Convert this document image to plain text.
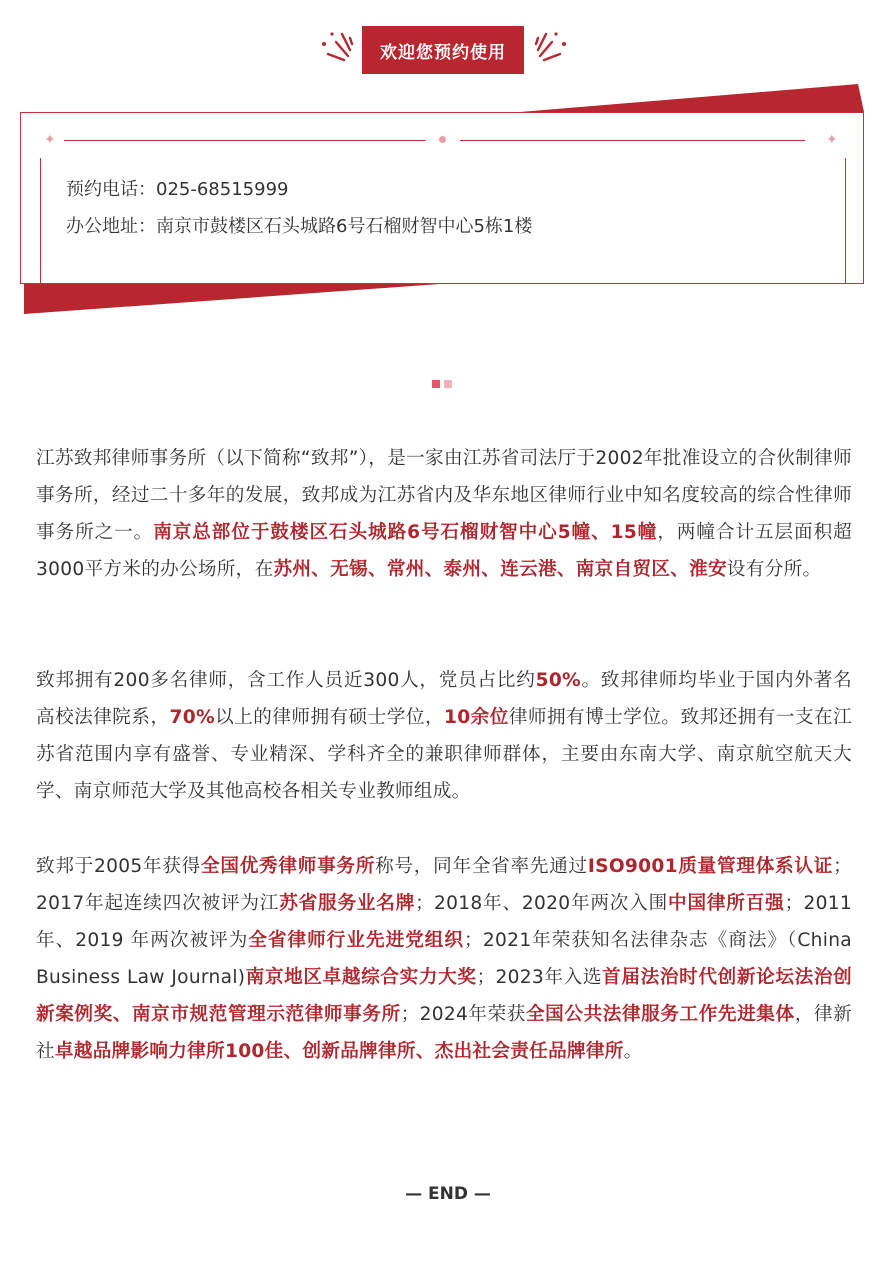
欢迎您预约使用
✦	✦
预约电话：025-68515999
办公地址：南京市鼓楼区石头城路6号石榴财智中心5栋1楼
江苏致邦律师事务所（以下简称“致邦”），是一家由江苏省司法厅于2002年批准设立的合伙制律师事务所，经过二十多年的发展，致邦成为江苏省内及华东地区律师行业中知名度较高的综合性律师事务所之一。南京总部位于鼓楼区石头城路6号石榴财智中心5幢、15幢，两幢合计五层面积超3000平方米的办公场所，在苏州、无锡、常州、泰州、连云港、南京自贸区、淮安设有分所。
致邦拥有200多名律师，含工作人员近300人，党员占比约50%。致邦律师均毕业于国内外著名高校法律院系，70%以上的律师拥有硕士学位，10余位律师拥有博士学位。致邦还拥有一支在江苏省范围内享有盛誉、专业精深、学科齐全的兼职律师群体，主要由东南大学、南京航空航天大学、南京师范大学及其他高校各相关专业教师组成。
致邦于2005年获得全国优秀律师事务所称号，同年全省率先通过ISO9001质量管理体系认证；2017年起连续四次被评为江苏省服务业名牌；2018年、2020年两次入围中国律所百强；2011年、2019 年两次被评为全省律师行业先进党组织；2021年荣获知名法律杂志《商法》（China Business Law Journal)南京地区卓越综合实力大奖；2023年入选首届法治时代创新论坛法治创新案例奖、南京市规范管理示范律师事务所；2024年荣获全国公共法律服务工作先进集体，律新社卓越品牌影响力律所100佳、创新品牌律所、杰出社会责任品牌律所。
— END —
